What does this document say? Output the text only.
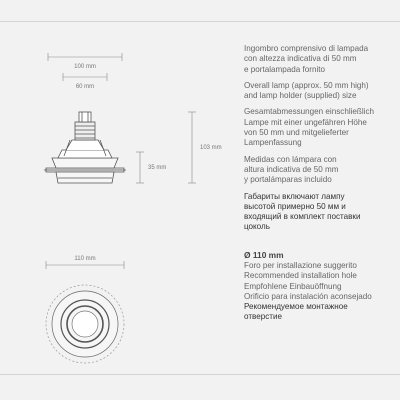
100 mm
60 mm
103 mm
35 mm
110 mm

Ingombro comprensivo di lampada
con altezza indicativa di 50 mm
e portalampada fornito

Overall lamp (approx. 50 mm high)
and lamp holder (supplied) size

Gesamtabmessungen einschließlich
Lampe mit einer ungefähren Höhe
von 50 mm und mitgelieferter
Lampenfassung

Medidas con lámpara con
altura indicativa de 50 mm
y portalámparas incluido

Габариты включают лампу
высотой примерно 50 мм и
входящий в комплект поставки
цоколь

Ø 110 mm
Foro per installazione suggerito
Recommended installation hole
Empfohlene Einbauöffnung
Orificio para instalación aconsejado
Рекомендуемое монтажное
отверстие
